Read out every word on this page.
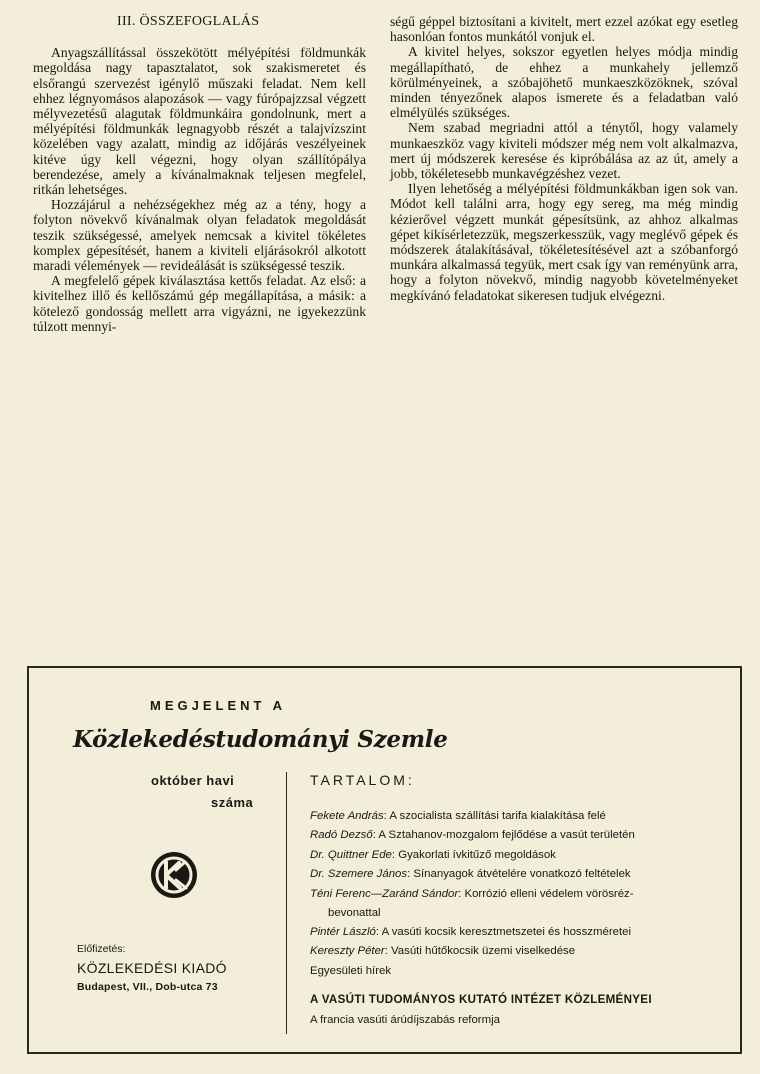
III. ÖSSZEFOGLALÁS

Anyagszállítással összekötött mélyépítési földmunkák megoldása nagy tapasztalatot, sok szakismeretet és elsőrangú szervezést igénylő műszaki feladat. Nem kell ehhez légnyomásos alapozások — vagy fúrópajzzsal végzett mélyvezetésű alagutak földmunkáira gondolnunk, mert a mélyépítési földmunkák legnagyobb részét a talajvízszint közelében vagy azalatt, mindig az időjárás veszélyeinek kitéve úgy kell végezni, hogy olyan szállítópálya berendezése, amely a kívánalmaknak teljesen megfelel, ritkán lehetséges.

Hozzájárul a nehézségekhez még az a tény, hogy a folyton növekvő kívánalmak olyan feladatok megoldását teszik szükségessé, amelyek nemcsak a kivitel tökéletes komplex gépesítését, hanem a kiviteli eljárásokról alkotott maradi vélemények — revideálását is szükségessé teszik.

A megfelelő gépek kiválasztása kettős feladat. Az első: a kivitelhez illő és kellőszámú gép megállapítása, a másik: a kötelező gondosság mellett arra vigyázni, ne igyekezzünk túlzott mennyi-

ségű géppel biztosítani a kivitelt, mert ezzel azókat egy esetleg hasonlóan fontos munkától vonjuk el.

A kivitel helyes, sokszor egyetlen helyes módja mindig megállapítható, de ehhez a munkahely jellemző körülményeinek, a szóbajöhető munkaeszközöknek, szóval minden tényezőnek alapos ismerete és a feladatban való elmélyülés szükséges.

Nem szabad megriadni attól a ténytől, hogy valamely munkaeszköz vagy kiviteli módszer még nem volt alkalmazva, mert új módszerek keresése és kipróbálása az az út, amely a jobb, tökéletesebb munkavégzéshez vezet.

Ilyen lehetőség a mélyépítési földmunkákban igen sok van. Módot kell találni arra, hogy egy sereg, ma még mindig kézierővel végzett munkát gépesítsünk, az ahhoz alkalmas gépet kikísérletezzük, megszerkesszük, vagy meglévő gépek és módszerek átalakításával, tökéletesítésével azt a szóbanforgó munkára alkalmassá tegyük, mert csak így van reményünk arra, hogy a folyton növekvő, mindig nagyobb követelményeket megkívánó feladatokat sikeresen tudjuk elvégezni.

MEGJELENT A
Közlekedéstudományi Szemle
október havi
száma
Előfizetés:
KÖZLEKEDÉSI KIADÓ
Budapest, VII., Dob-utca 73
TARTALOM:
Fekete András : A szocialista szállítási tarifa kialakítása felé
Radó Dezső : A Sztahanov-mozgalom fejlődése a vasút területén
Dr. Quittner Ede : Gyakorlati ívkitűző megoldások
Dr. Szemere János : Sínanyagok átvételére vonatkozó feltételek
Téni Ferenc—Zaránd Sándor : Korrózió elleni védelem vörösréz-
bevonattal
Pintér László : A vasúti kocsik keresztmetszetei és hosszméretei
Kereszty Péter : Vasúti hűtőkocsik üzemi viselkedése
Egyesületi hírek
A VASÚTI TUDOMÁNYOS KUTATÓ INTÉZET KÖZLEMÉNYEI
A francia vasúti árúdíjszabás reformja
